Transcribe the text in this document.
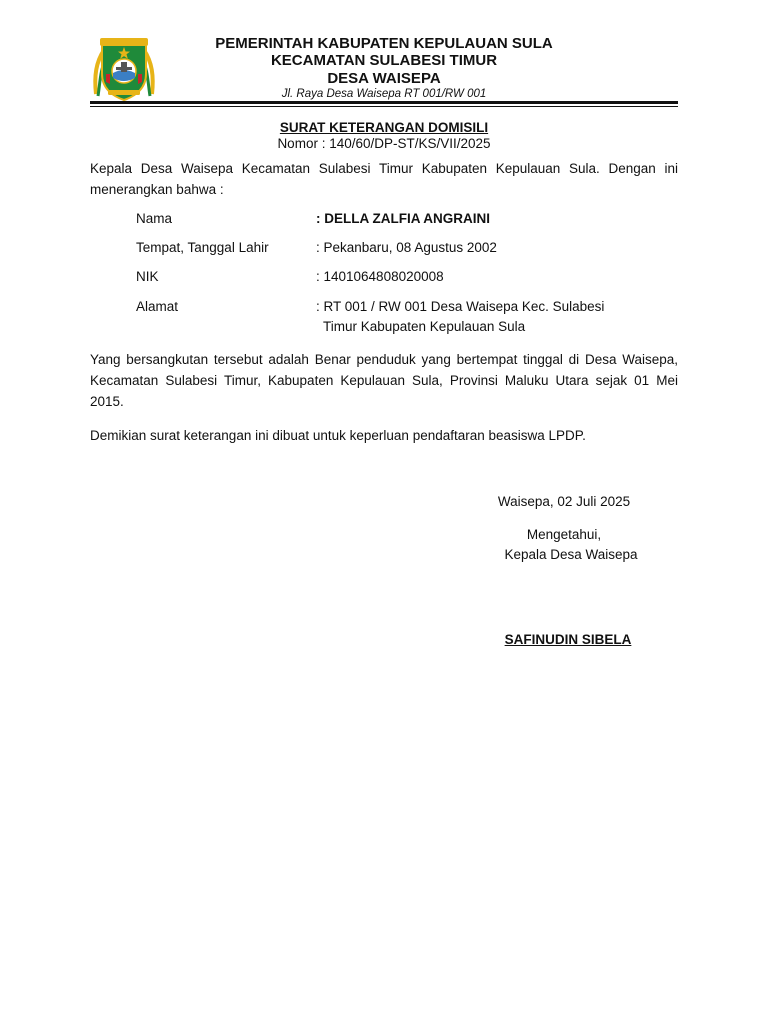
PEMERINTAH KABUPATEN KEPULAUAN SULA
KECAMATAN SULABESI TIMUR
DESA WAISEPA
Jl. Raya Desa Waisepa RT 001/RW 001
SURAT KETERANGAN DOMISILI
Nomor : 140/60/DP-ST/KS/VII/2025
Kepala Desa Waisepa Kecamatan Sulabesi Timur Kabupaten Kepulauan Sula. Dengan ini menerangkan bahwa :
Nama	: DELLA ZALFIA ANGRAINI
Tempat, Tanggal Lahir	: Pekanbaru, 08 Agustus 2002
NIK	: 1401064808020008
Alamat	: RT 001 / RW 001 Desa Waisepa Kec. Sulabesi
Timur Kabupaten Kepulauan Sula
Yang bersangkutan tersebut adalah Benar penduduk yang bertempat tinggal di Desa Waisepa, Kecamatan Sulabesi Timur, Kabupaten Kepulauan Sula, Provinsi Maluku Utara sejak 01 Mei 2015.
Demikian surat keterangan ini dibuat untuk keperluan pendaftaran beasiswa LPDP.
Waisepa, 02 Juli 2025
Mengetahui,
Kepala Desa Waisepa
SAFINUDIN SIBELA
